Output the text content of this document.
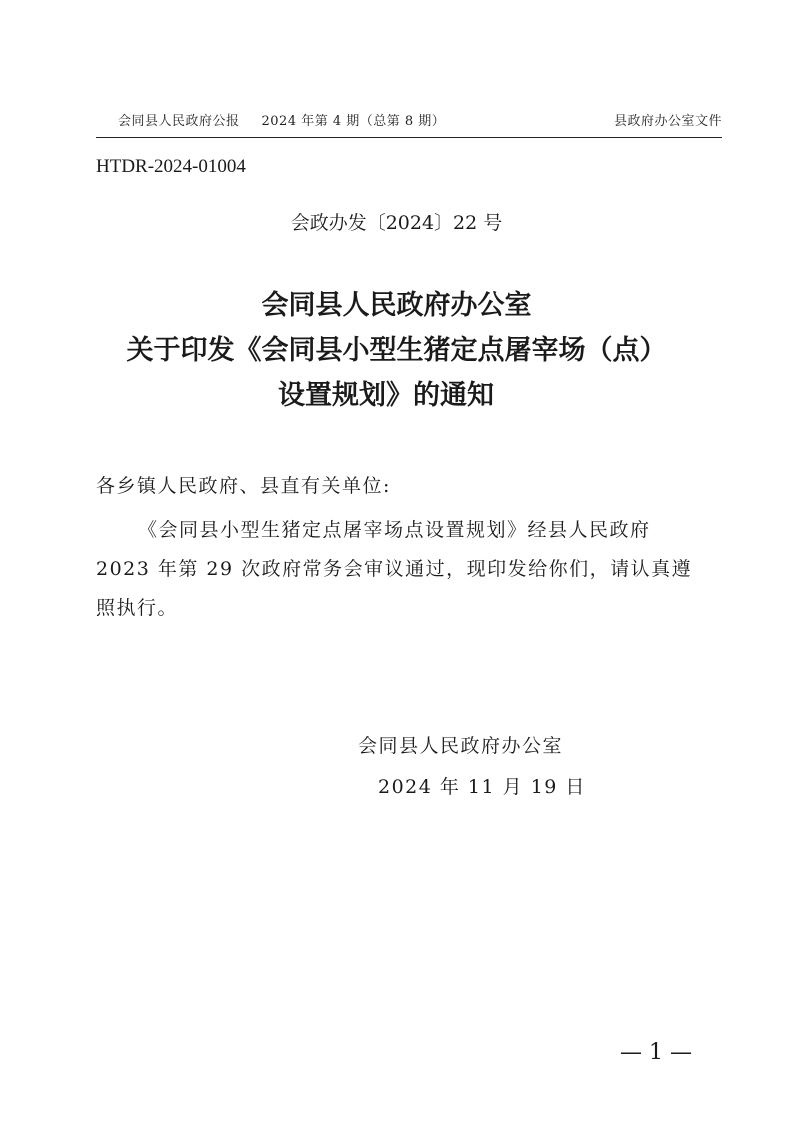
会同县人民政府公报 2024 年第 4 期（总第 8 期）	县政府办公室文件
HTDR-2024-01004
会政办发〔2024〕22 号
会同县人民政府办公室
关于印发《会同县小型生猪定点屠宰场（点）
设置规划》的通知
各乡镇人民政府、县直有关单位:
《会同县小型生猪定点屠宰场点设置规划》经县人民政府 2023 年第 29 次政府常务会审议通过，现印发给你们，请认真遵照执行。
会同县人民政府办公室
2024 年 11 月 19 日
— 1 —
